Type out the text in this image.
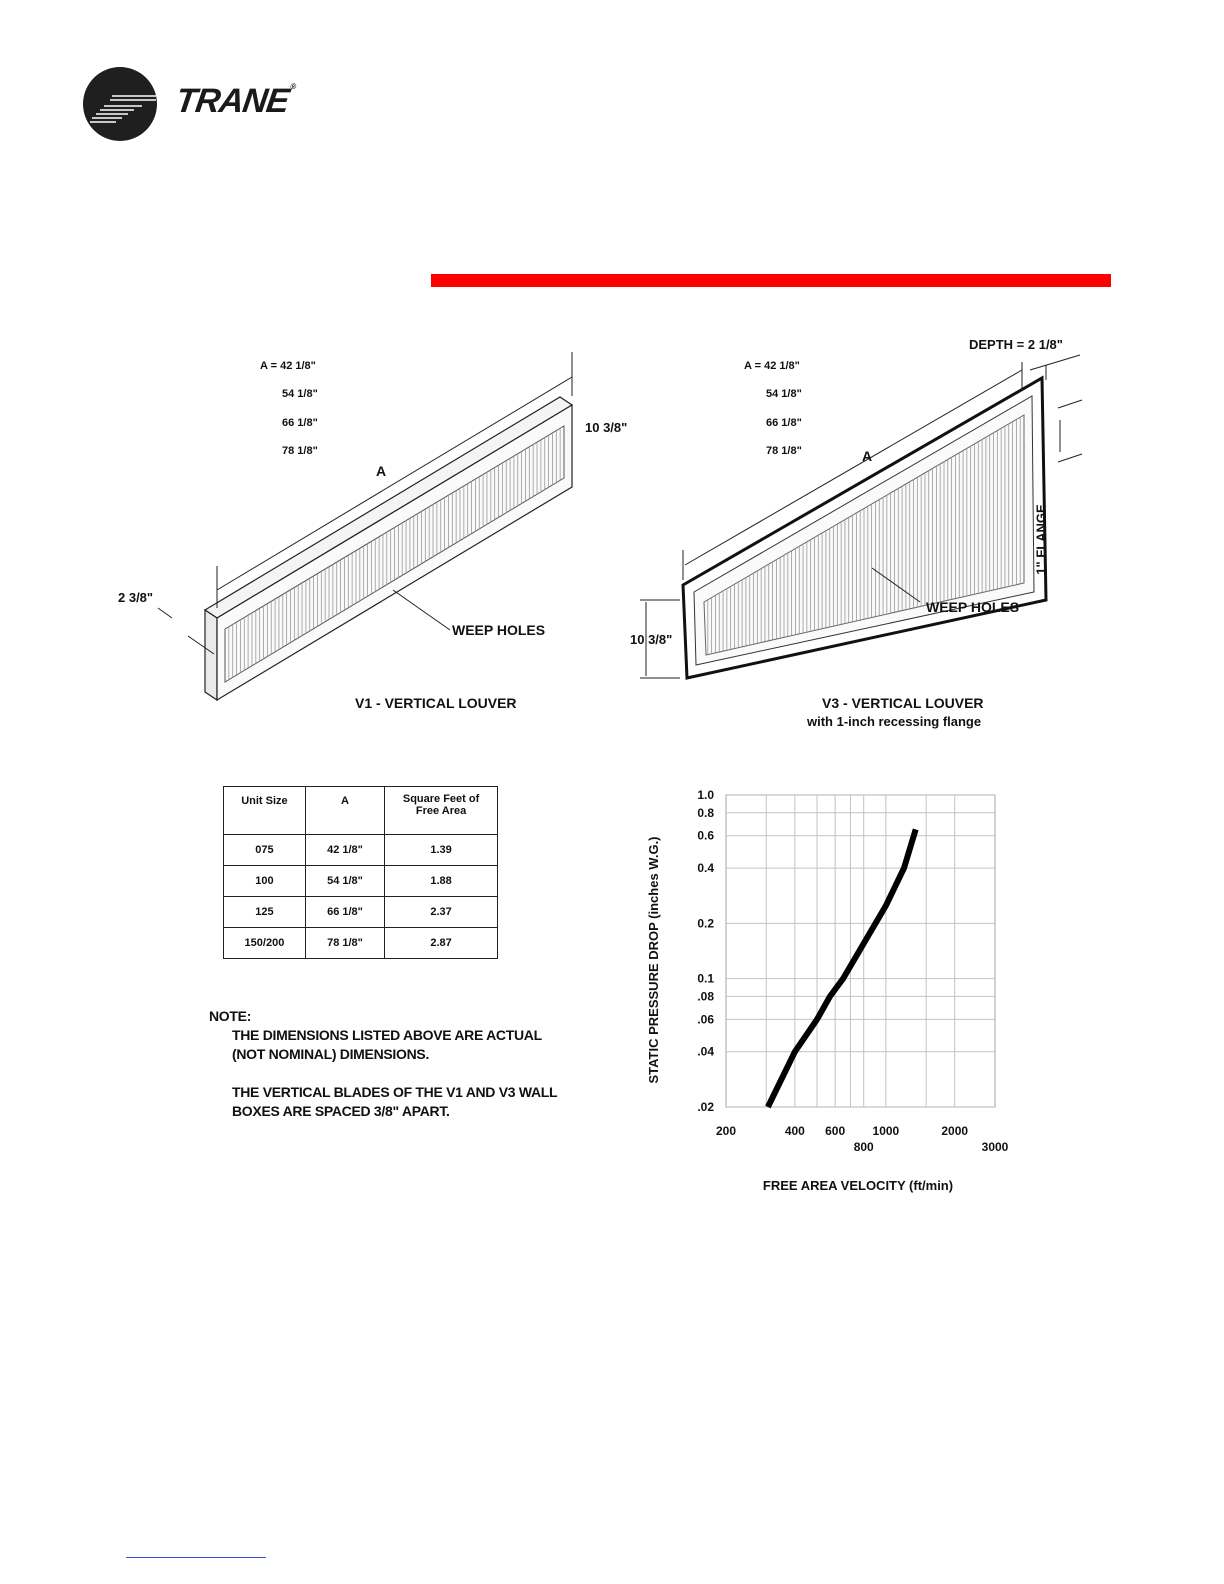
TRANE®
A = 42 1/8"
54 1/8"
66 1/8"
78 1/8"
A
10 3/8"
2 3/8"
WEEP HOLES
V1 - VERTICAL LOUVER
A = 42 1/8"
54 1/8"
66 1/8"
78 1/8"	A
DEPTH = 2 1/8"
1" FLANGE
10 3/8"
WEEP HOLES
V3 - VERTICAL LOUVER
with 1-inch recessing flange
Unit Size	A	Square Feet of Free Area
075	42 1/8"	1.39
100	54 1/8"	1.88
125	66 1/8"	2.37
150/200	78 1/8"	2.87
NOTE:
THE DIMENSIONS LISTED ABOVE ARE ACTUAL
(NOT NOMINAL) DIMENSIONS.
THE VERTICAL BLADES OF THE V1 AND V3 WALL
BOXES ARE SPACED 3/8" APART.
1.0
0.8
0.6
0.4
0.2
0.1
.08
.06
.04
.02
200	400 600
800
1000	2000
3000
STATIC PRESSURE DROP (inches W.G.)
FREE AREA VELOCITY (ft/min)
